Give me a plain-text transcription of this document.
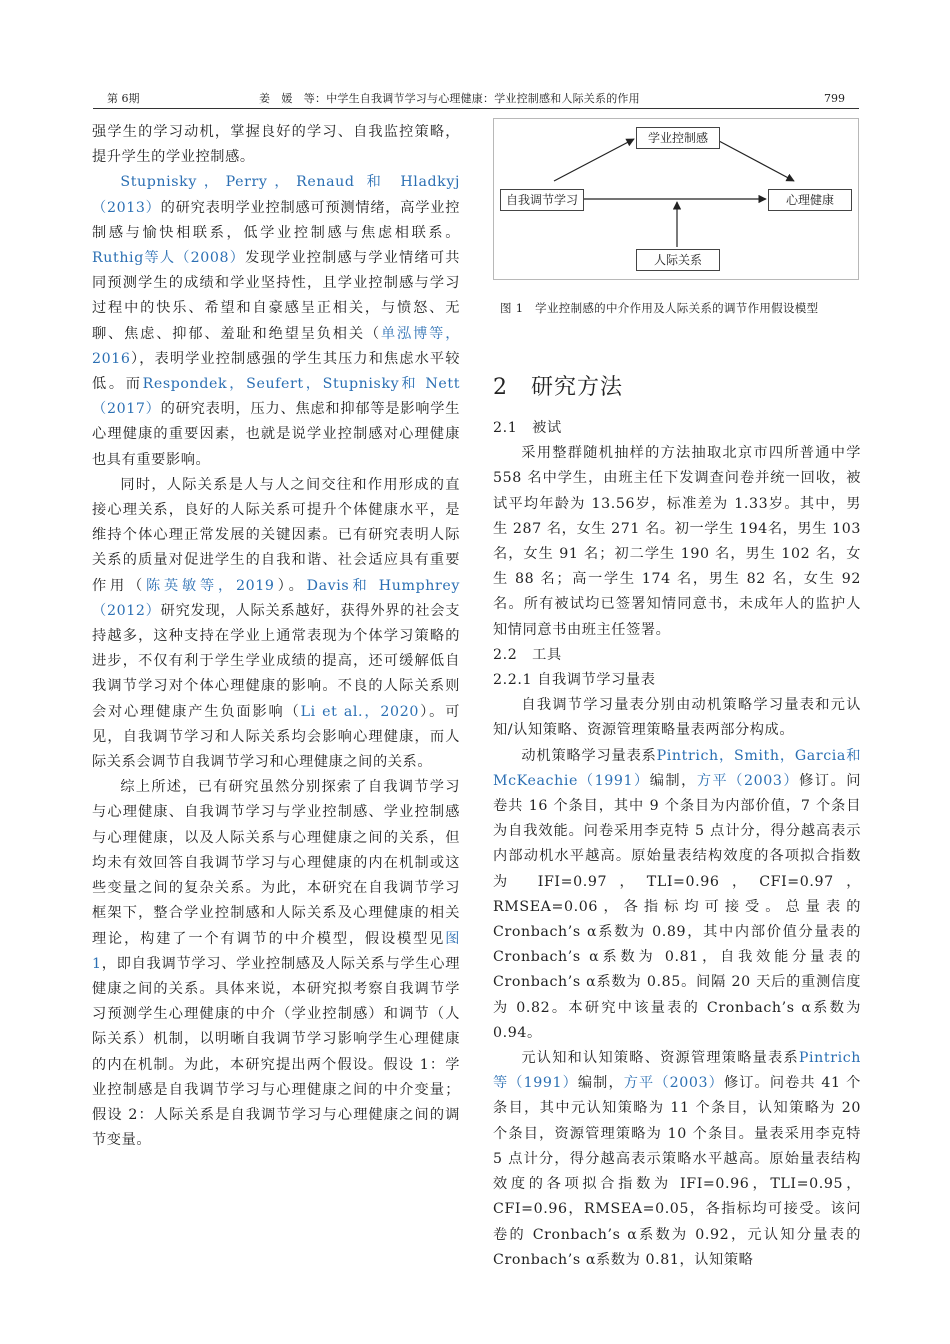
第 6期	姜　媛　等：中学生自我调节学习与心理健康：学业控制感和人际关系的作用	799

强学生的学习动机，掌握良好的学习、自我监控策略，提升学生的学业控制感。

Stupnisky，Perry，Renaud 和 Hladkyj（2013）的研究表明学业控制感可预测情绪，高学业控制感与愉快相联系，低学业控制感与焦虑相联系。Ruthig等人（2008）发现学业控制感与学业情绪可共同预测学生的成绩和学业坚持性，且学业控制感与学习过程中的快乐、希望和自豪感呈正相关，与愤怒、无聊、焦虑、抑郁、羞耻和绝望呈负相关（单泓博等，2016），表明学业控制感强的学生其压力和焦虑水平较低。而Respondek，Seufert，Stupnisky和 Nett（2017）的研究表明，压力、焦虑和抑郁等是影响学生心理健康的重要因素，也就是说学业控制感对心理健康也具有重要影响。

同时，人际关系是人与人之间交往和作用形成的直接心理关系，良好的人际关系可提升个体健康水平，是维持个体心理正常发展的关键因素。已有研究表明人际关系的质量对促进学生的自我和谐、社会适应具有重要作用（陈英敏等，2019）。Davis和 Humphrey（2012）研究发现，人际关系越好，获得外界的社会支持越多，这种支持在学业上通常表现为个体学习策略的进步，不仅有利于学生学业成绩的提高，还可缓解低自我调节学习对个体心理健康的影响。不良的人际关系则会对心理健康产生负面影响（Li et al.，2020）。可见，自我调节学习和人际关系均会影响心理健康，而人际关系会调节自我调节学习和心理健康之间的关系。

综上所述，已有研究虽然分别探索了自我调节学习与心理健康、自我调节学习与学业控制感、学业控制感与心理健康，以及人际关系与心理健康之间的关系，但均未有效回答自我调节学习与心理健康的内在机制或这些变量之间的复杂关系。为此，本研究在自我调节学习框架下，整合学业控制感和人际关系及心理健康的相关理论，构建了一个有调节的中介模型，假设模型见图 1，即自我调节学习、学业控制感及人际关系与学生心理健康之间的关系。具体来说，本研究拟考察自我调节学习预测学生心理健康的中介（学业控制感）和调节（人际关系）机制，以明晰自我调节学习影响学生心理健康的内在机制。为此，本研究提出两个假设。假设 1：学业控制感是自我调节学习与心理健康之间的中介变量；假设 2：人际关系是自我调节学习与心理健康之间的调节变量。

学业控制感
自我调节学习	心理健康
人际关系
图 1　学业控制感的中介作用及人际关系的调节作用假设模型
2　研究方法

2.1　被试

采用整群随机抽样的方法抽取北京市四所普通中学 558 名中学生，由班主任下发调查问卷并统一回收，被试平均年龄为 13.56岁，标准差为 1.33岁。其中，男生 287 名，女生 271 名。初一学生 194名，男生 103 名，女生 91 名；初二学生 190 名，男生 102 名，女生 88 名；高一学生 174 名，男生 82 名，女生 92 名。所有被试均已签署知情同意书，未成年人的监护人知情同意书由班主任签署。

2.2　工具

2.2.1 自我调节学习量表

自我调节学习量表分别由动机策略学习量表和元认知/认知策略、资源管理策略量表两部分构成。

动机策略学习量表系Pintrich，Smith，Garcia和 McKeachie（1991）编制，方平（2003）修订。问卷共 16 个条目，其中 9 个条目为内部价值，7 个条目为自我效能。问卷采用李克特 5 点计分，得分越高表示内部动机水平越高。原始量表结构效度的各项拟合指数为 IFI=0.97，TLI=0.96，CFI=0.97，RMSEA=0.06，各指标均可接受。总量表的 Cronbach’s α系数为 0.89，其中内部价值分量表的 Cronbach’s α系数为 0.81，自我效能分量表的 Cronbach’s α系数为 0.85。间隔 20 天后的重测信度为 0.82。本研究中该量表的 Cronbach’s α系数为 0.94。

元认知和认知策略、资源管理策略量表系Pintrich等（1991）编制，方平（2003）修订。问卷共 41 个条目，其中元认知策略为 11 个条目，认知策略为 20 个条目，资源管理策略为 10 个条目。量表采用李克特 5 点计分，得分越高表示策略水平越高。原始量表结构效度的各项拟合指数为 IFI=0.96，TLI=0.95，CFI=0.96，RMSEA=0.05，各指标均可接受。该问卷的 Cronbach’s α系数为 0.92，元认知分量表的 Cronbach’s α系数为 0.81，认知策略
